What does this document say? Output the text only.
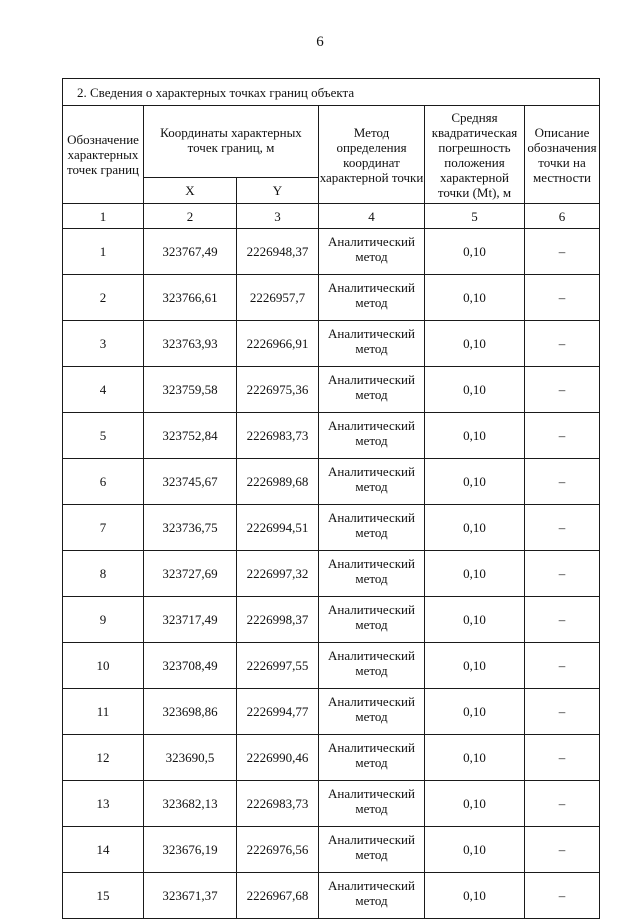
6
2. Сведения о характерных точках границ объекта					
Обозначение характерных точек границ	Координаты характерных точек границ, м		Метод определения координат характерной точки	Средняя квадратическая погрешность положения характерной точки (Mt), м	Описание обозначения точки на местности
	X	Y			
1	2	3	4	5	6
1	323767,49	2226948,37	Аналитический метод	0,10	–
2	323766,61	2226957,7	Аналитический метод	0,10	–
3	323763,93	2226966,91	Аналитический метод	0,10	–
4	323759,58	2226975,36	Аналитический метод	0,10	–
5	323752,84	2226983,73	Аналитический метод	0,10	–
6	323745,67	2226989,68	Аналитический метод	0,10	–
7	323736,75	2226994,51	Аналитический метод	0,10	–
8	323727,69	2226997,32	Аналитический метод	0,10	–
9	323717,49	2226998,37	Аналитический метод	0,10	–
10	323708,49	2226997,55	Аналитический метод	0,10	–
11	323698,86	2226994,77	Аналитический метод	0,10	–
12	323690,5	2226990,46	Аналитический метод	0,10	–
13	323682,13	2226983,73	Аналитический метод	0,10	–
14	323676,19	2226976,56	Аналитический метод	0,10	–
15	323671,37	2226967,68	Аналитический метод	0,10	–
